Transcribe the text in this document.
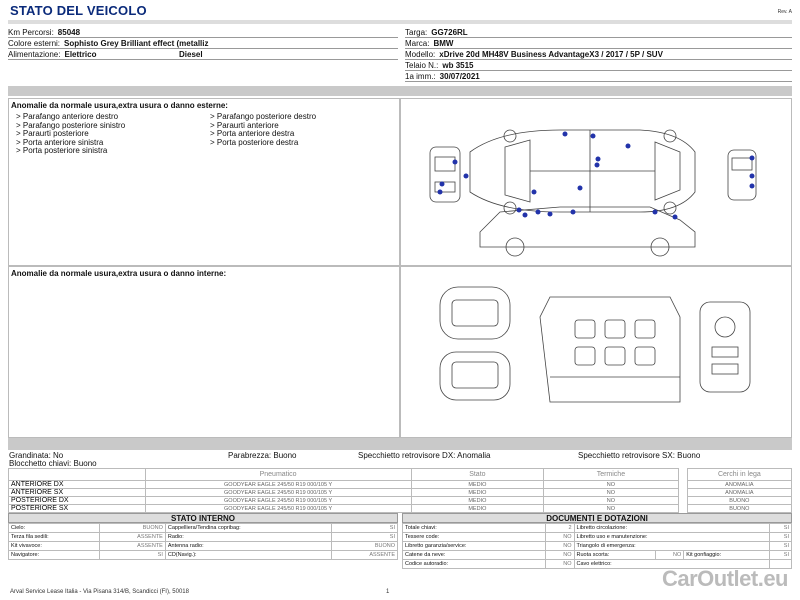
STATO DEL VEICOLO	Rev. A
Km Percorsi: 85048
Colore esterni: Sophisto Grey Brilliant effect (metalliz
Alimentazione: Elettrico	Diesel
Targa: GG726RL
Marca: BMW
Modello: xDrive 20d MH48V Business AdvantageX3 / 2017 / 5P / SUV
Telaio N.: wb 3515
1a imm.: 30/07/2021
Anomalie da normale usura,extra usura o danno esterne:
> Parafango anteriore destro
> Parafango posteriore sinistro
> Paraurti posteriore
> Porta anteriore sinistra
> Porta posteriore sinistra
> Parafango posteriore destro
> Paraurti anteriore
> Porta anteriore destra
> Porta posteriore destra
Anomalie da normale usura,extra usura o danno interne:
Grandinata: No	Parabrezza: Buono	Specchietto retrovisore DX: Anomalia	Specchietto retrovisore SX: Buono
Blocchetto chiavi: Buono
	Pneumatico	Stato	Termiche		Cerchi in lega
ANTERIORE DX	GOODYEAR EAGLE 245/50 R19 000/105 Y	MEDIO	NO		ANOMALIA
ANTERIORE SX	GOODYEAR EAGLE 245/50 R19 000/105 Y	MEDIO	NO		ANOMALIA
POSTERIORE DX	GOODYEAR EAGLE 245/50 R19 000/105 Y	MEDIO	NO		BUONO
POSTERIORE SX	GOODYEAR EAGLE 245/50 R19 000/105 Y	MEDIO	NO		BUONO
STATO INTERNO
Cielo:	BUONO	Cappelliera/Tendina copribag:	SI
Terza fila sedili:	ASSENTE	Radio:	SI
Kit vivavoce:	ASSENTE	Antenna radio:	BUONO
Navigatore:	SI	CD(Navig.):	ASSENTE
DOCUMENTI E DOTAZIONI
Totale chiavi:	2	Libretto circolazione:			SI
Tessere code:	NO	Libretto uso e manutenzione:			SI
Libretto garanzia/service:	NO	Triangolo di emergenza:			SI
Catene da neve:	NO	Ruota scorta:	NO	Kit gonfiaggio:	SI
Codice autoradio:	NO	Cavo elettrico:			
Arval Service Lease Italia - Via Pisana 314/B, Scandicci (FI), 50018	1
CarOutlet.eu
